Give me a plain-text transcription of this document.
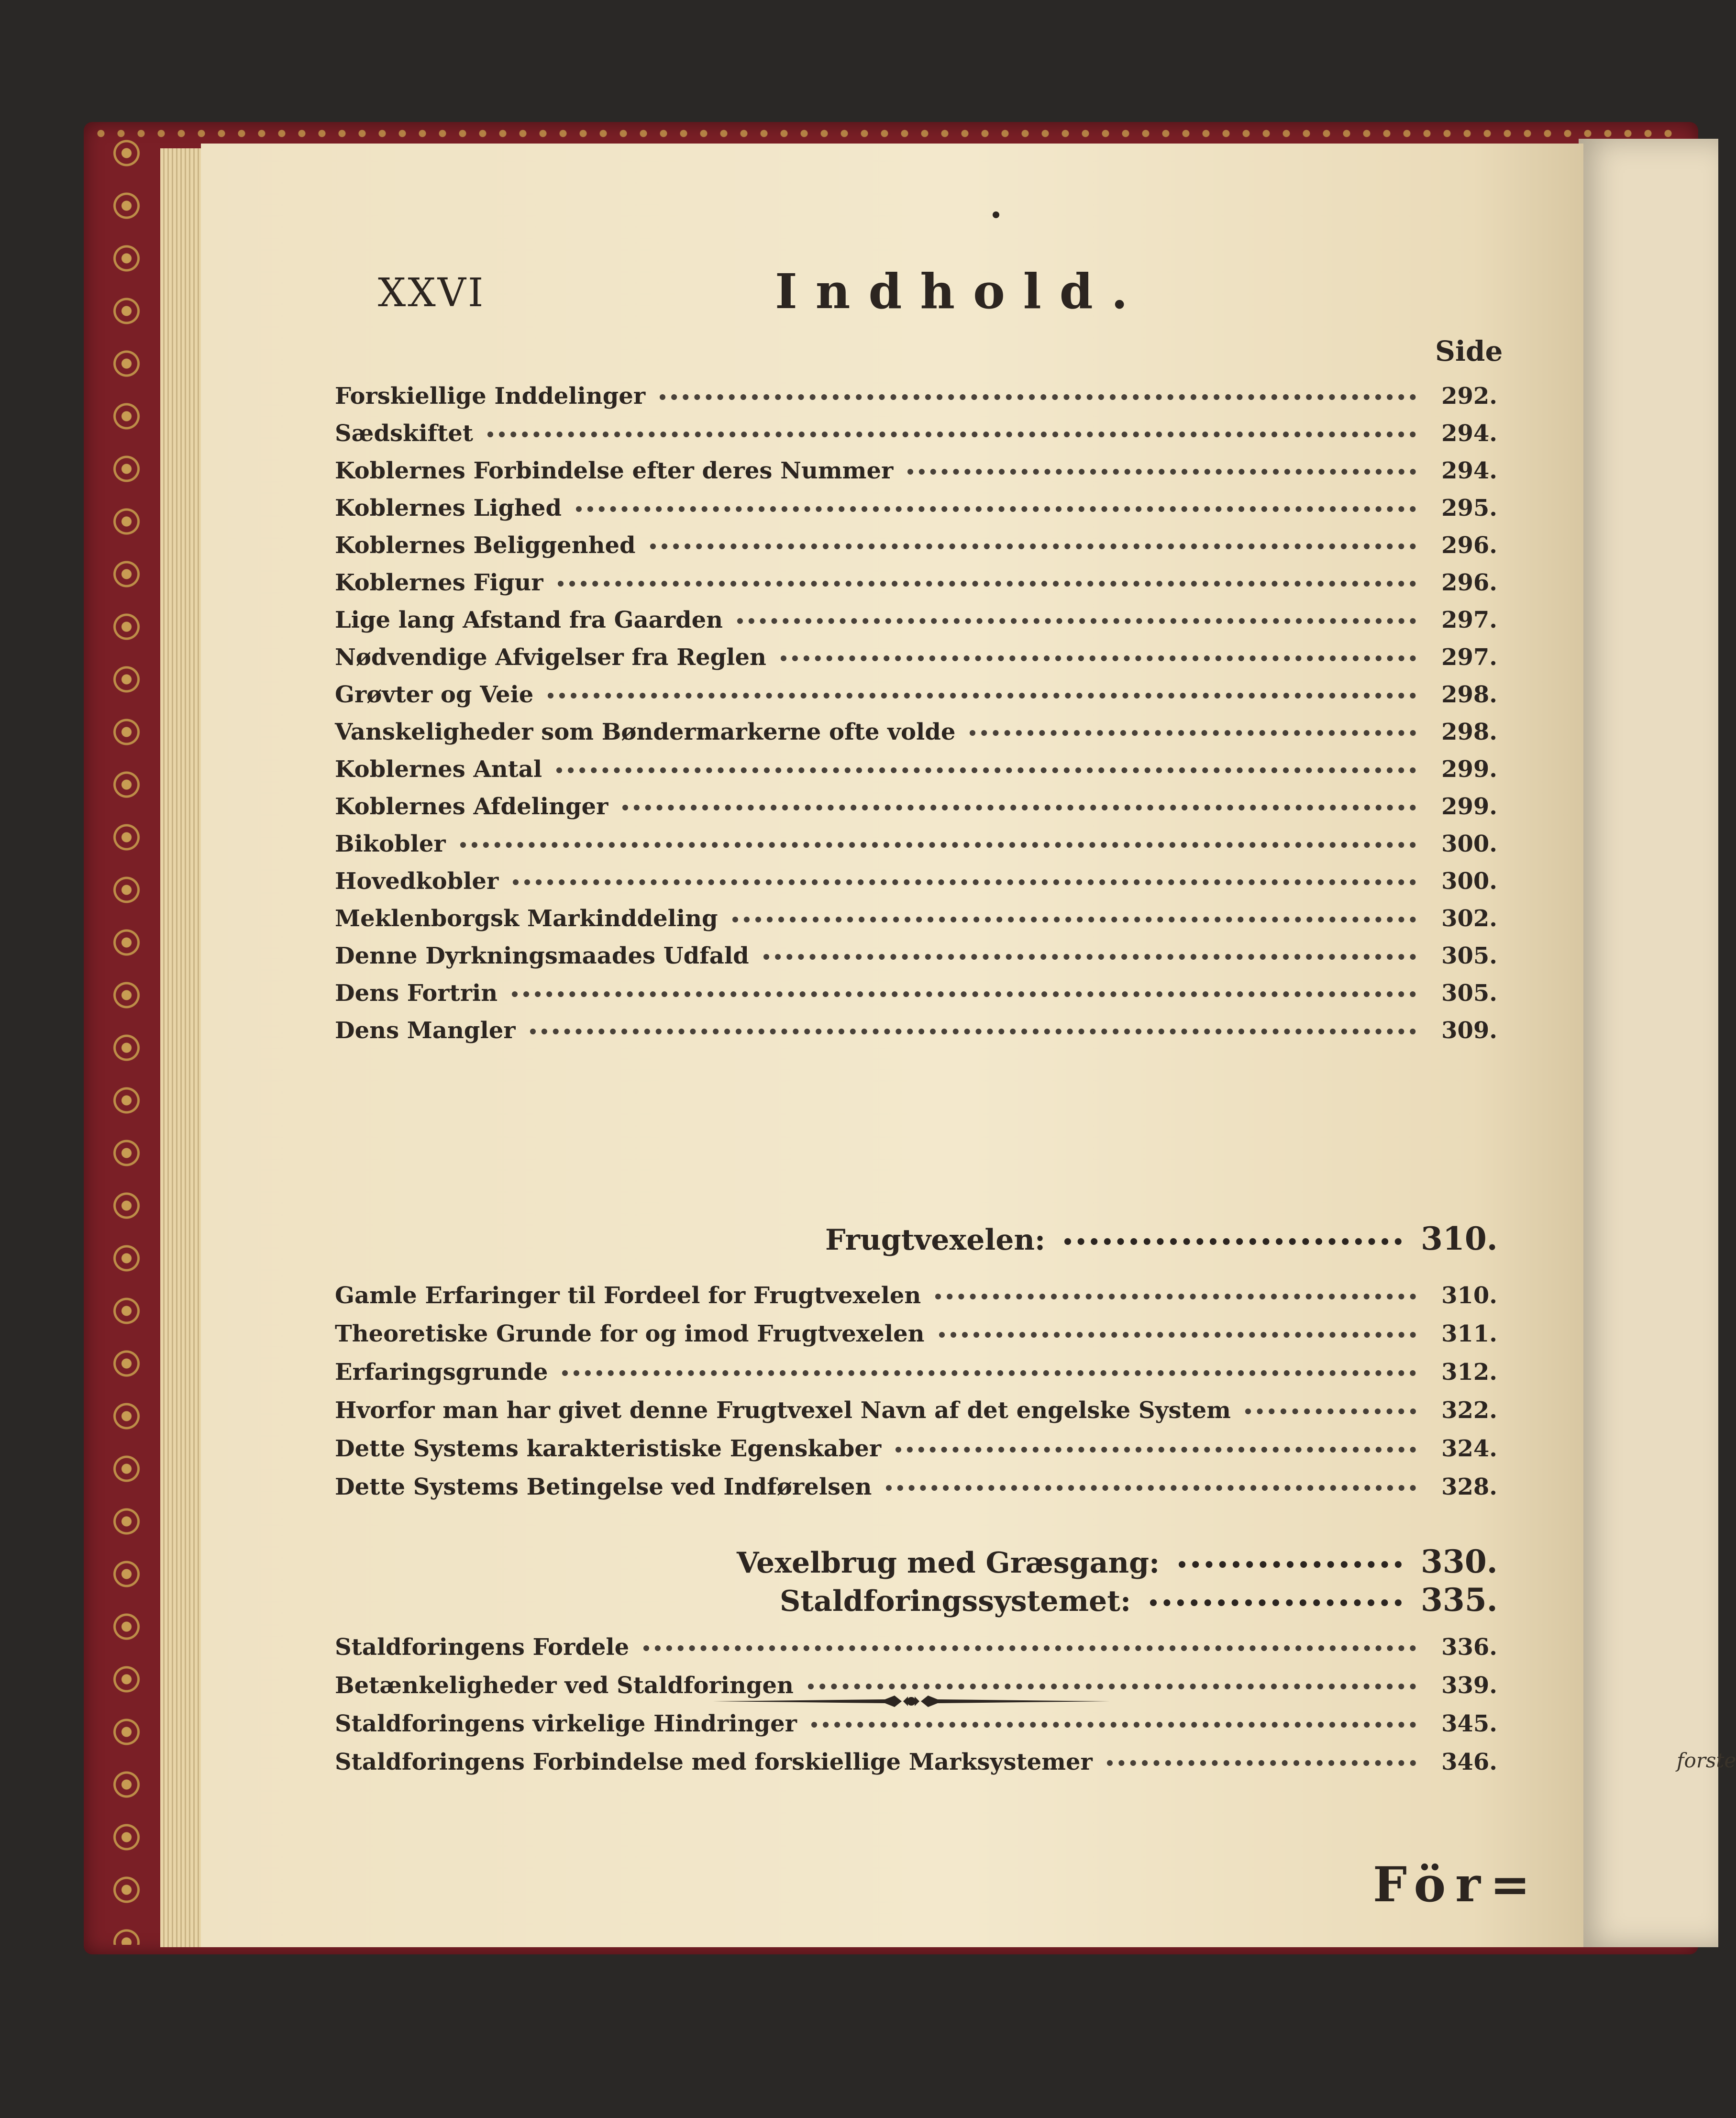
forste
XXVI	Indhold.
Side
Forskiellige Inddelinger	292.
Sædskiftet	294.
Koblernes Forbindelse efter deres Nummer	294.
Koblernes Lighed	295.
Koblernes Beliggenhed	296.
Koblernes Figur	296.
Lige lang Afstand fra Gaarden	297.
Nødvendige Afvigelser fra Reglen	297.
Grøvter og Veie	298.
Vanskeligheder som Bøndermarkerne ofte volde	298.
Koblernes Antal	299.
Koblernes Afdelinger	299.
Bikobler	300.
Hovedkobler	300.
Meklenborgsk Markinddeling	302.
Denne Dyrkningsmaades Udfald	305.
Dens Fortrin	305.
Dens Mangler	309.
Frugtvexelen:	310.
Gamle Erfaringer til Fordeel for Frugtvexelen	310.
Theoretiske Grunde for og imod Frugtvexelen	311.
Erfaringsgrunde	312.
Hvorfor man har givet denne Frugtvexel Navn af det engelske System	322.
Dette Systems karakteristiske Egenskaber	324.
Dette Systems Betingelse ved Indførelsen	328.
Vexelbrug med Græsgang:	330.
Staldforingssystemet:	335.
Staldforingens Fordele	336.
Betænkeligheder ved Staldforingen	339.
Staldforingens virkelige Hindringer	345.
Staldforingens Forbindelse med forskiellige Marksystemer	346.
För=
